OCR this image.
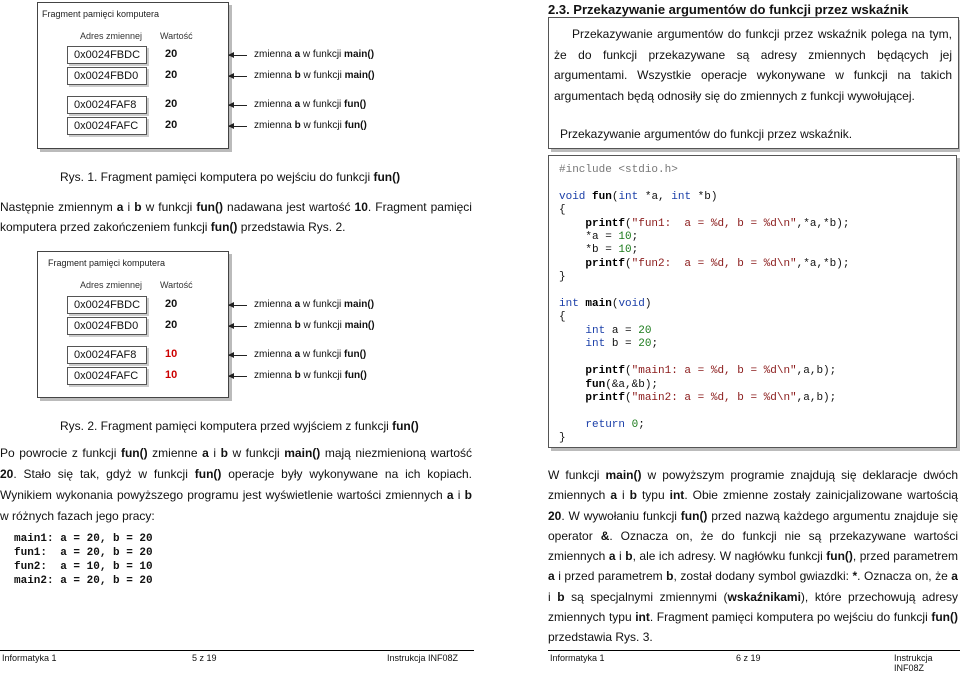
Fragment pamięci komputera
Adres zmiennej Wartość
0x0024FBDC	20	zmienna a w funkcji main()
0x0024FBD0	20	zmienna b w funkcji main()
0x0024FAF8	20	zmienna a w funkcji fun()
0x0024FAFC	20	zmienna b w funkcji fun()
Rys. 1. Fragment pamięci komputera po wejściu do funkcji fun()
Następnie zmiennym a i b w funkcji fun() nadawana jest wartość 10. Fragment pamięci komputera przed zakończeniem funkcji fun() przedstawia Rys. 2.
Fragment pamięci komputera
Adres zmiennej Wartość
0x0024FBDC	20	zmienna a w funkcji main()
0x0024FBD0	20	zmienna b w funkcji main()
0x0024FAF8	10	zmienna a w funkcji fun()
0x0024FAFC	10	zmienna b w funkcji fun()
Rys. 2. Fragment pamięci komputera przed wyjściem z funkcji fun()
Po powrocie z funkcji fun() zmienne a i b w funkcji main() mają niezmienioną wartość 20. Stało się tak, gdyż w funkcji fun() operacje były wykonywane na ich kopiach. Wynikiem wykonania powyższego programu jest wyświetlenie wartości zmiennych a i b w różnych fazach jego pracy:
main1: a = 20, b = 20
fun1:  a = 20, b = 20
fun2:  a = 10, b = 10
main2: a = 20, b = 20
Informatyka 1	5 z 19	Instrukcja INF08Z
2.3. Przekazywanie argumentów do funkcji przez wskaźnik
Przekazywanie argumentów do funkcji przez wskaźnik polega na tym, że do funkcji przekazywane są adresy zmiennych będących jej argumentami. Wszystkie operacje wykonywane w funkcji na takich argumentach będą odnosiły się do zmiennych z funkcji wywołującej.
Przekazywanie argumentów do funkcji przez wskaźnik.
#include <stdio.h>

void fun(int *a, int *b)
{
printf("fun1:  a = %d, b = %d\n",*a,*b);
*a = 10;
*b = 10;
printf("fun2:  a = %d, b = %d\n",*a,*b);
}

int main(void)
{
int a = 20
int b = 20;

printf("main1: a = %d, b = %d\n",a,b);
fun(&a,&b);
printf("main2: a = %d, b = %d\n",a,b);

return 0;
}
W funkcji main() w powyższym programie znajdują się deklaracje dwóch zmiennych a i b typu int. Obie zmienne zostały zainicjalizowane wartością 20. W wywołaniu funkcji fun() przed nazwą każdego argumentu znajduje się operator &. Oznacza on, że do funkcji nie są przekazywane wartości zmiennych a i b, ale ich adresy. W nagłówku funkcji fun(), przed parametrem a i przed parametrem b, został dodany symbol gwiazdki: *. Oznacza on, że a i b są specjalnymi zmiennymi (wskaźnikami), które przechowują adresy zmiennych typu int. Fragment pamięci komputera po wejściu do funkcji fun() przedstawia Rys. 3.
Informatyka 1	6 z 19	Instrukcja INF08Z
